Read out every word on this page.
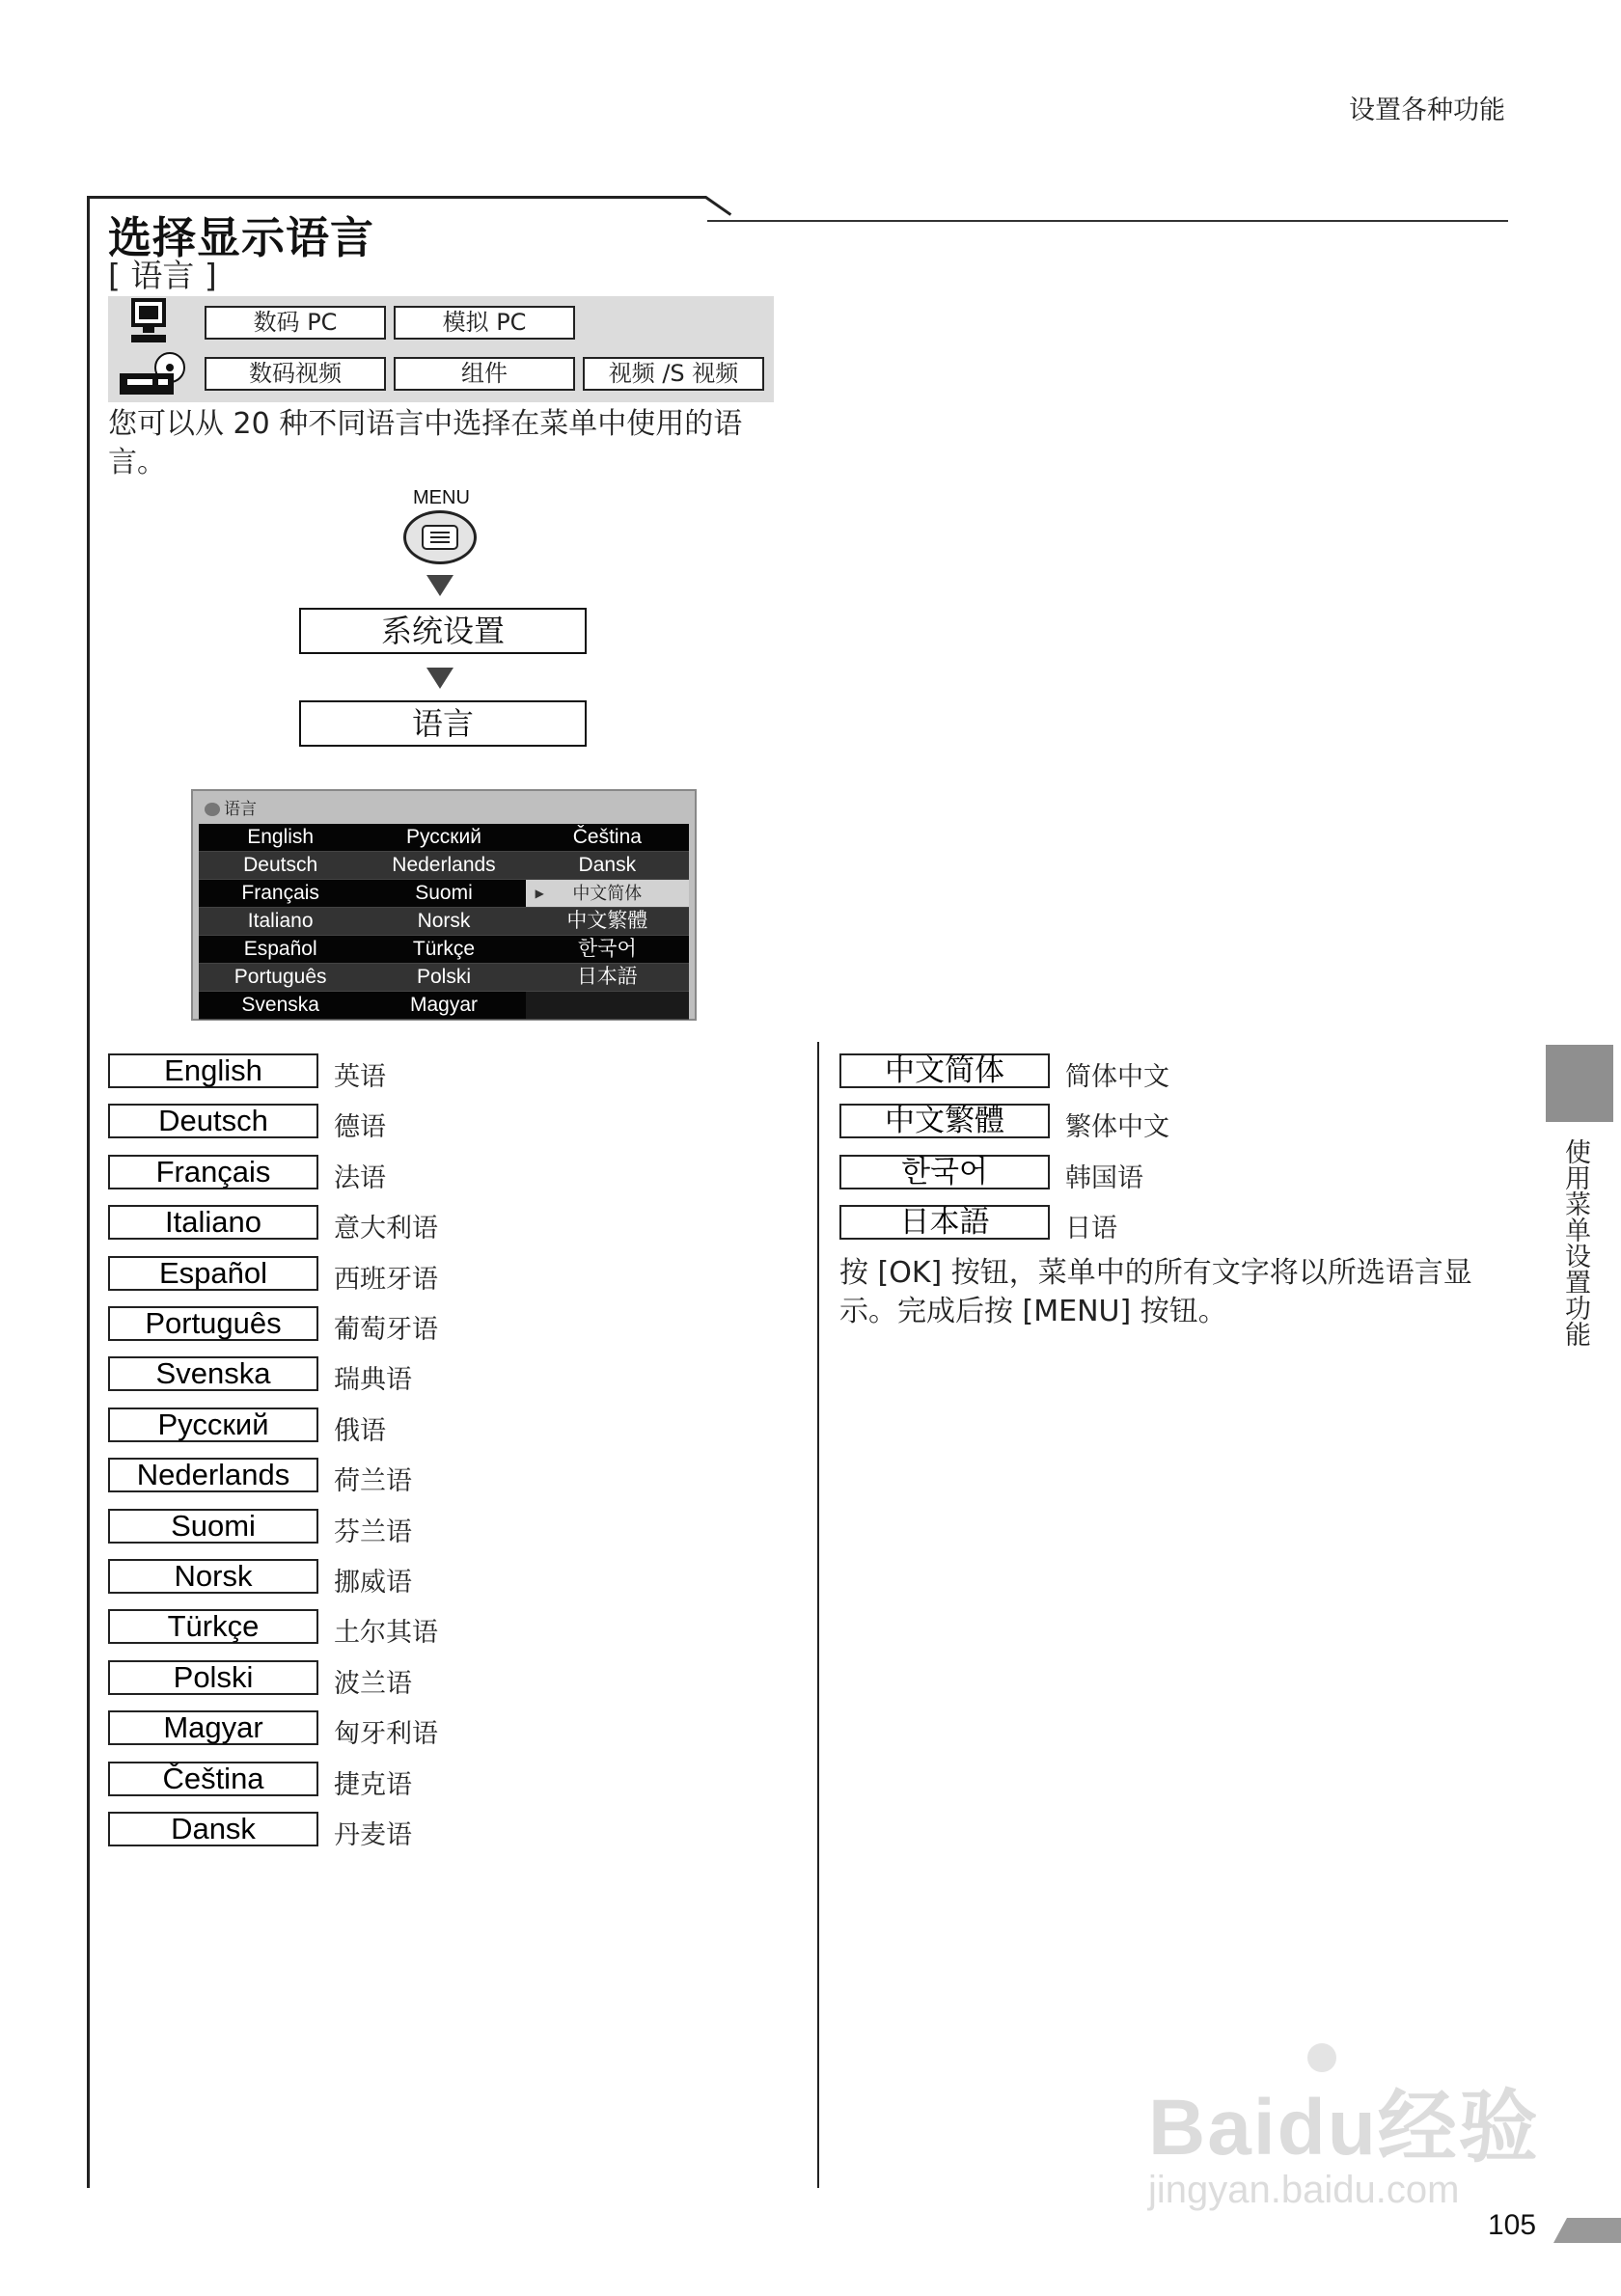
设置各种功能
选择显示语言
[ 语言 ]
数码 PC	模拟 PC
数码视频	组件	视频 /S 视频
您可以从 20 种不同语言中选择在菜单中使用的语言。
MENU
系统设置
语言
语言
English	Русский	Čeština
Deutsch	Nederlands	Dansk
Français	Suomi
▶	中文简体
Italiano	Norsk	中文繁體
Español	Türkçe	한국어
Português	Polski	日本語
Svenska	Magyar
English	英语
Deutsch	德语
Français	法语
Italiano	意大利语
Español	西班牙语
Português	葡萄牙语
Svenska	瑞典语
Русский	俄语
Nederlands	荷兰语
Suomi	芬兰语
Norsk	挪威语
Türkçe	土尔其语
Polski	波兰语
Magyar	匈牙利语
Čeština	捷克语
Dansk	丹麦语
中文简体	简体中文
中文繁體	繁体中文
한국어	韩国语
日本語	日语
按 [OK] 按钮，菜单中的所有文字将以所选语言显示。完成后按 [MENU] 按钮。	使用菜单设置功能
Baidu经验
jingyan.baidu.com
105
